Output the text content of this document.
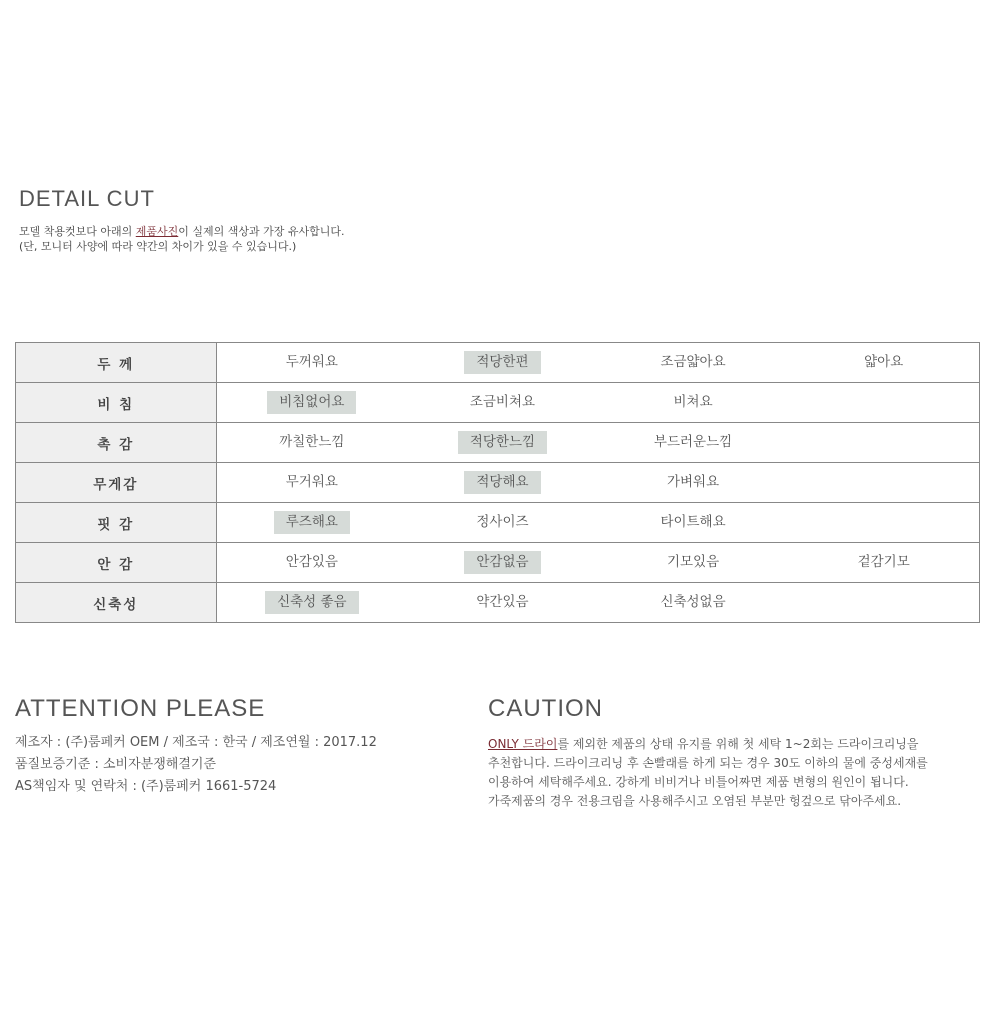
DETAIL CUT
모델 착용컷보다 아래의 제품사진이 실제의 색상과 가장 유사합니다.
(단, 모니터 사양에 따라 약간의 차이가 있을 수 있습니다.)
두 께	두꺼워요	적당한편	조금얇아요	얇아요
비 침	비침없어요	조금비쳐요	비쳐요	
촉 감	까칠한느낌	적당한느낌	부드러운느낌	
무게감	무거워요	적당해요	가벼워요	
핏 감	루즈해요	정사이즈	타이트해요	
안 감	안감있음	안감없음	기모있음	겉감기모
신축성	신축성 좋음	약간있음	신축성없음	
ATTENTION PLEASE
제조자 : (주)룸페커 OEM / 제조국 : 한국 / 제조연월 : 2017.12
품질보증기준 : 소비자분쟁해결기준
AS책임자 및 연락처 : (주)룸페커 1661-5724
CAUTION
ONLY 드라이를 제외한 제품의 상태 유지를 위해 첫 세탁 1~2회는 드라이크리닝을
추천합니다. 드라이크리닝 후 손빨래를 하게 되는 경우 30도 이하의 물에 중성세재를
이용하여 세탁해주세요. 강하게 비비거나 비틀어짜면 제품 변형의 원인이 됩니다.
가죽제품의 경우 전용크림을 사용해주시고 오염된 부분만 헝겊으로 닦아주세요.
